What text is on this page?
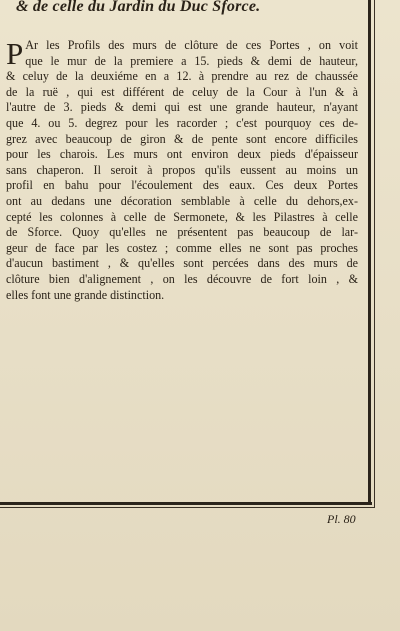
& de celle du Jardin du Duc Sforce.
P Ar les Profils des murs de clôture de ces Portes , on voit
que le mur de la premiere a 15. pieds & demi de hauteur,
& celuy de la deuxiéme en a 12. à prendre au rez de chaussée
de la ruë , qui est différent de celuy de la Cour à l'un & à
l'autre de 3. pieds & demi qui est une grande hauteur, n'ayant
que 4. ou 5. degrez pour les racorder ; c'est pourquoy ces de-
grez avec beaucoup de giron & de pente sont encore difficiles
pour les charois. Les murs ont environ deux pieds d'épaisseur
sans chaperon. Il seroit à propos qu'ils eussent au moins un
profil en bahu pour l'écoulement des eaux. Ces deux Portes
ont au dedans une décoration semblable à celle du dehors,ex-
cepté les colonnes à celle de Sermonete, & les Pilastres à celle
de Sforce. Quoy qu'elles ne présentent pas beaucoup de lar-
geur de face par les costez ; comme elles ne sont pas proches
d'aucun bastiment , & qu'elles sont percées dans des murs de
clôture bien d'alignement , on les découvre de fort loin , &
elles font une grande distinction.
Pl. 80
